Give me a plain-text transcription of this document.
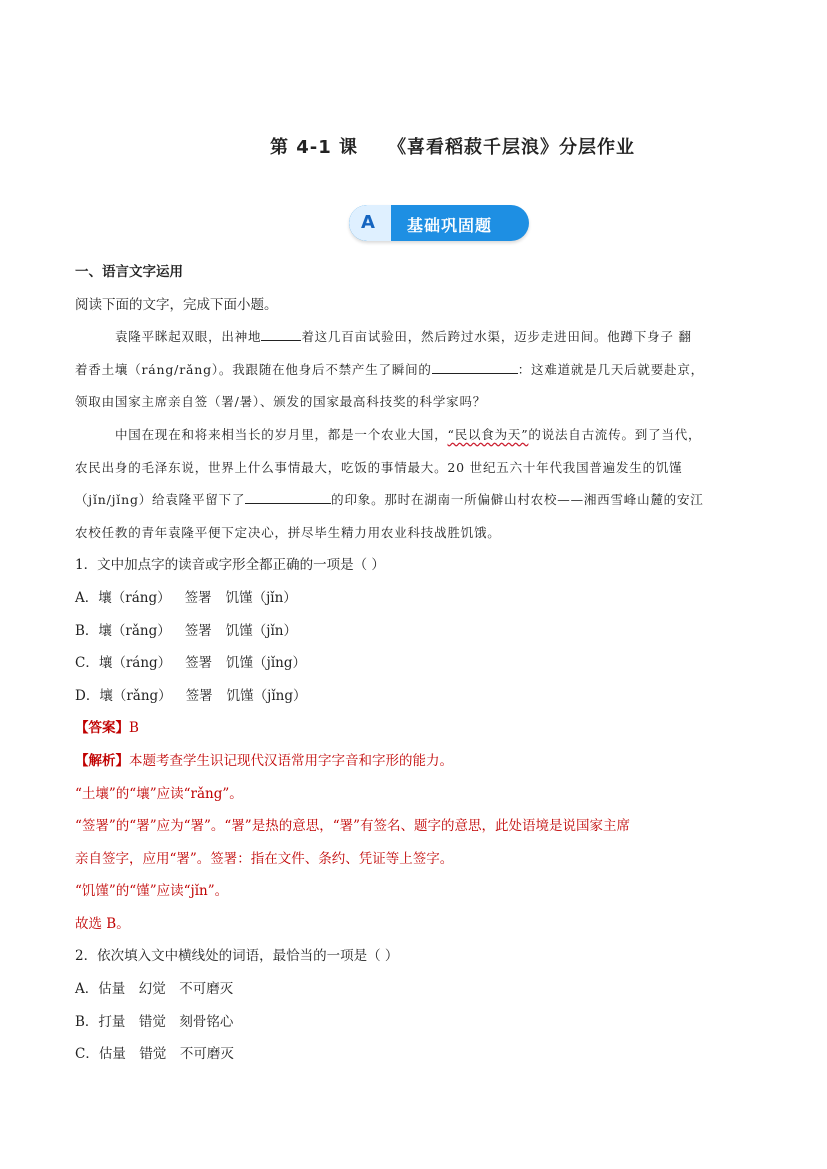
第 4-1 课 《喜看稻菽千层浪》分层作业
A 基础巩固题
一、语言文字运用
阅读下面的文字，完成下面小题。
袁隆平眯起双眼，出神地	着这几百亩试验田，然后跨过水渠，迈步走进田间。他蹲下身子 翻
着香土壤（ráng/rǎng）。我跟随在他身后不禁产生了瞬间的	：这难道就是几天后就要赴京，
领取由国家主席亲自签（署/暑）、颁发的国家最高科技奖的科学家吗？
中国在现在和将来相当长的岁月里，都是一个农业大国，“民以食为天”的说法自古流传。到了当代，
农民出身的毛泽东说，世界上什么事情最大，吃饭的事情最大。20 世纪五六十年代我国普遍发生的饥馑
（jǐn/jǐng）给袁隆平留下了	的印象。那时在湖南一所偏僻山村农校——湘西雪峰山麓的安江
农校任教的青年袁隆平便下定决心，拼尽毕生精力用农业科技战胜饥饿。
1．文中加点字的读音或字形全都正确的一项是（ ）
A．壤（ráng） 签署 饥馑（jǐn）
B．壤（rǎng） 签署 饥馑（jǐn）
C．壤（ráng） 签署 饥馑（jǐng）
D．壤（rǎng） 签署 饥馑（jǐng）
【答案】B
【解析】本题考查学生识记现代汉语常用字字音和字形的能力。
“土壤”的“壤”应读“rǎng”。
“签署”的“署”应为“署”。“署”是热的意思，“署”有签名、题字的意思，此处语境是说国家主席
亲自签字，应用“署”。签署：指在文件、条约、凭证等上签字。
“饥馑”的“馑”应读“jǐn”。
故选 B。
2．依次填入文中横线处的词语，最恰当的一项是（ ）
A．估量　幻觉　不可磨灭
B．打量　错觉　刻骨铭心
C．估量　错觉　不可磨灭
